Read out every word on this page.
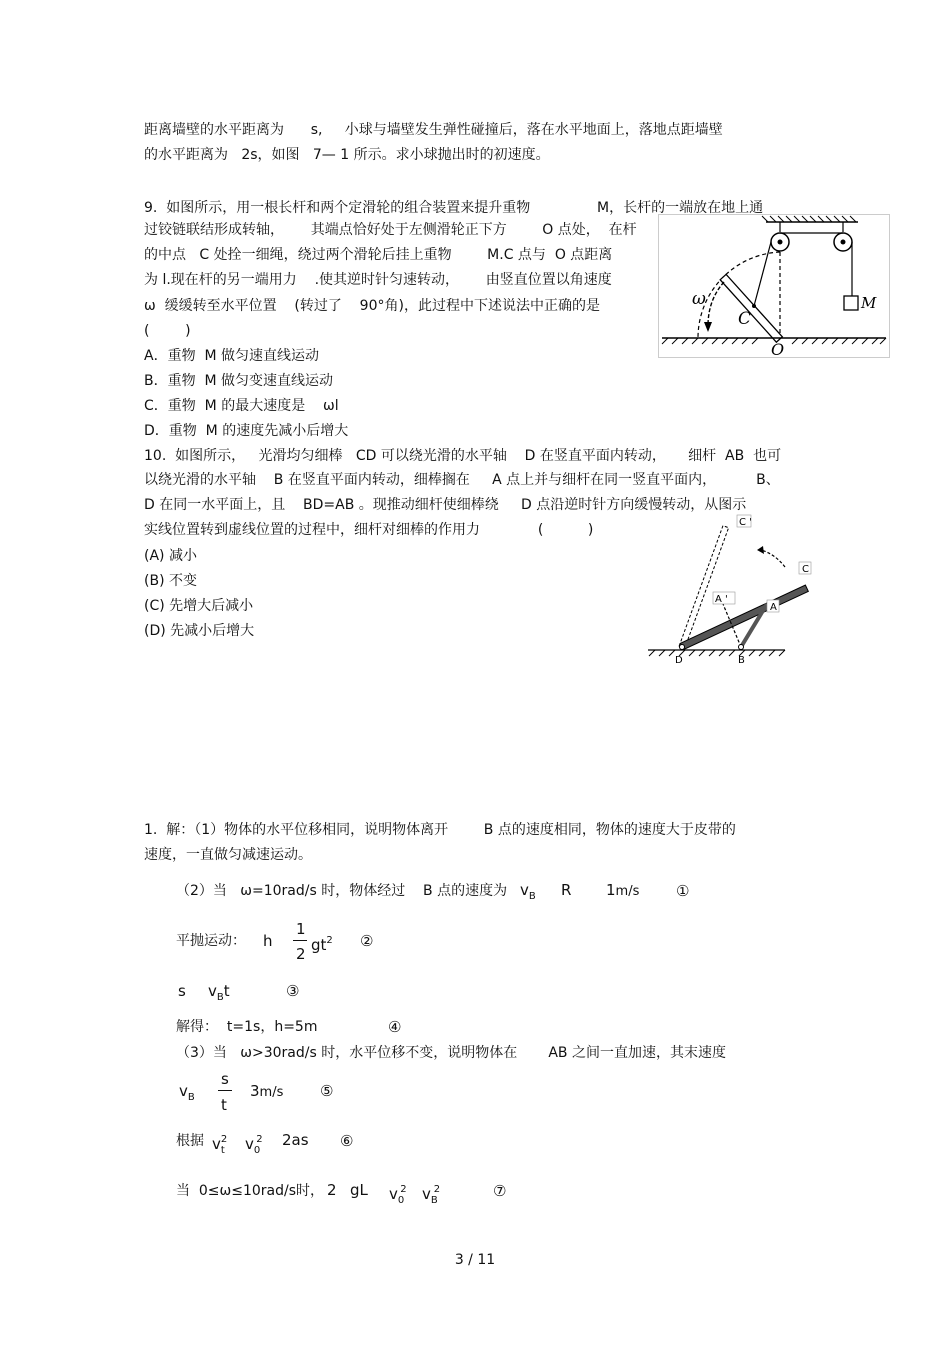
距离墙壁的水平距离为      s,     小球与墙壁发生弹性碰撞后，落在水平地面上，落地点距墙壁
的水平距离为   2s，如图   7— 1 所示。求小球抛出时的初速度。
9.  如图所示，用一根长杆和两个定滑轮的组合装置来提升重物               M，长杆的一端放在地上通
过铰链联结形成转轴，      其端点恰好处于左侧滑轮正下方        O 点处，  在杆
的中点   C 处拴一细绳，绕过两个滑轮后挂上重物        M.C 点与  O 点距离
为 l.现在杆的另一端用力    .使其逆时针匀速转动，      由竖直位置以角速度
ω  缓缓转至水平位置    (转过了    90°角)，此过程中下述说法中正确的是
(        )
A．重物  M 做匀速直线运动
B．重物  M 做匀变速直线运动
C．重物  M 的最大速度是    ωl
D．重物  M 的速度先减小后增大
M
C
ω
O
10.  如图所示，   光滑均匀细棒   CD 可以绕光滑的水平轴    D 在竖直平面内转动，     细杆  AB  也可
以绕光滑的水平轴    B 在竖直平面内转动，细棒搁在     A 点上并与细杆在同一竖直平面内，         B、
D 在同一水平面上，且    BD=AB 。现推动细杆使细棒绕     D 点沿逆时针方向缓慢转动，从图示
实线位置转到虚线位置的过程中，细杆对细棒的作用力             (          )
(A) 减小
(B) 不变
(C) 先增大后减小
(D) 先减小后增大
C '
C
A '
A
D	B
1.  解：（1）物体的水平位移相同，说明物体离开        B 点的速度相同，物体的速度大于皮带的
速度，一直做匀减速运动。
（2）当   ω=10rad/s 时，物体经过    B 点的速度为 $v_B$ R 1m/s ①
平抛运动： h
1
2 $gt^2$ ②
s $v_Bt$	③
解得：  t=1s，h=5m	④
（3）当   ω>30rad/s 时，水平位移不变，说明物体在       AB 之间一直加速，其末速度
$v_B$
s
t
3m/s ⑤
根据 $v_t^2$ $v_0^2$ 2as ⑥
当  0≤ω≤10rad/s时， 2 gL $v_0^2$ $v_B^2$	⑦
3 / 11
